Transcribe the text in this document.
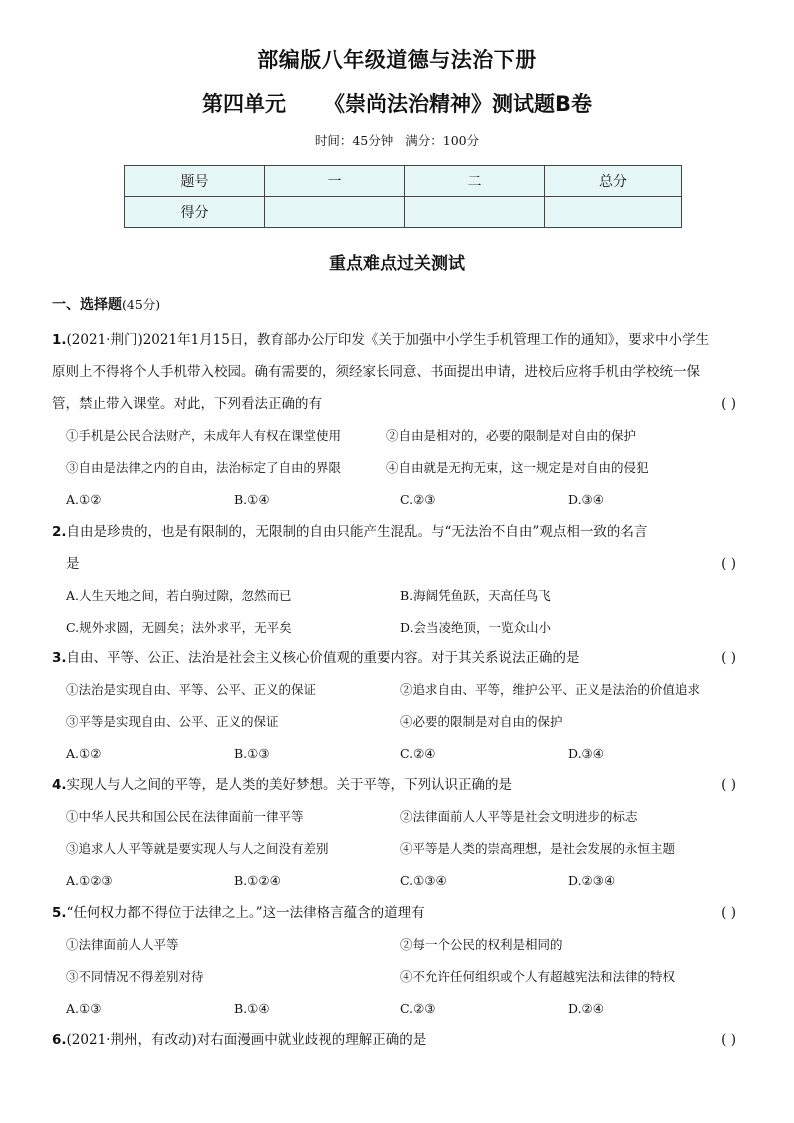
部编版八年级道德与法治下册
第四单元 《崇尚法治精神》测试题B卷
时间：45分钟 满分：100分
题号	一	二	总分
得分			
重点难点过关测试
一、选择题(45分)
1.(2021·荆门)2021年1月15日，教育部办公厅印发《关于加强中小学生手机管理工作的通知》，要求中小学生
原则上不得将个人手机带入校园。确有需要的，须经家长同意、书面提出申请，进校后应将手机由学校统一保
管，禁止带入课堂。对此，下列看法正确的有	( )
①手机是公民合法财产，未成年人有权在课堂使用	②自由是相对的，必要的限制是对自由的保护
③自由是法律之内的自由，法治标定了自由的界限	④自由就是无拘无束，这一规定是对自由的侵犯
A.①②	B.①④	C.②③	D.③④
2.自由是珍贵的，也是有限制的，无限制的自由只能产生混乱。与“无法治不自由”观点相一致的名言
是	( )
A.人生天地之间，若白驹过隙，忽然而已	B.海阔凭鱼跃，天高任鸟飞
C.规外求圆，无圆矣；法外求平，无平矣	D.会当凌绝顶，一览众山小
3.自由、平等、公正、法治是社会主义核心价值观的重要内容。对于其关系说法正确的是	( )
①法治是实现自由、平等、公平、正义的保证	②追求自由、平等，维护公平、正义是法治的价值追求
③平等是实现自由、公平、正义的保证	④必要的限制是对自由的保护
A.①②	B.①③	C.②④	D.③④
4.实现人与人之间的平等，是人类的美好梦想。关于平等，下列认识正确的是	( )
①中华人民共和国公民在法律面前一律平等	②法律面前人人平等是社会文明进步的标志
③追求人人平等就是要实现人与人之间没有差别	④平等是人类的崇高理想，是社会发展的永恒主题
A.①②③	B.①②④	C.①③④	D.②③④
5.“任何权力都不得位于法律之上。”这一法律格言蕴含的道理有	( )
①法律面前人人平等	②每一个公民的权利是相同的
③不同情况不得差别对待	④不允许任何组织或个人有超越宪法和法律的特权
A.①③	B.①④	C.②③	D.②④
6.(2021·荆州，有改动)对右面漫画中就业歧视的理解正确的是	( )
